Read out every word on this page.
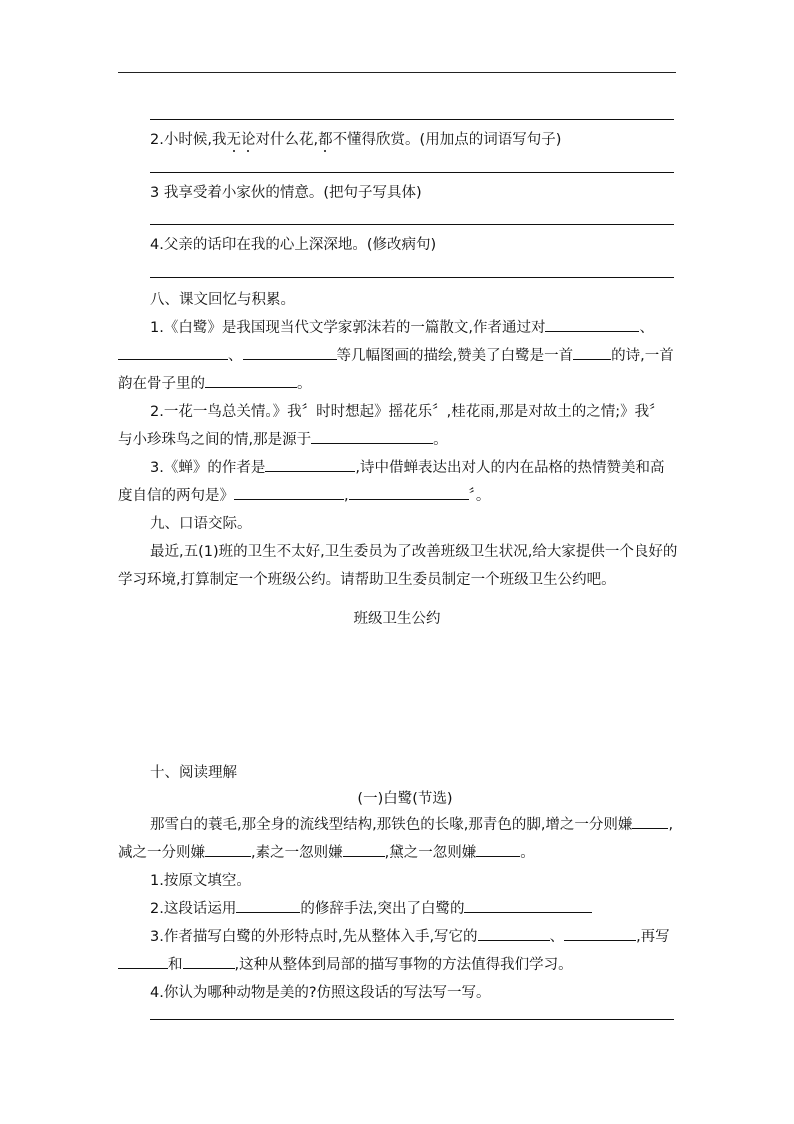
2.小时候,我无论对什么花,都不懂得欣赏。(用加点的词语写句子)
3 我享受着小家伙的情意。(把句子写具体)
4.父亲的话印在我的心上深深地。(修改病句)
八、课文回忆与积累。
1.《白鹭》是我国现当代文学家郭沫若的一篇散文,作者通过对	、、	等几幅图画的描绘,赞美了白鹭是一首	的诗,一首韵在骨子里的	。
2.一花一鸟总关情。》我〞时时想起》摇花乐〞,桂花雨,那是对故土的之情;》我〞与小珍珠鸟之间的情,那是源于	。
3.《蝉》的作者是	,诗中借蝉表达出对人的内在品格的热情赞美和高度自信的两句是》	,	〞。
九、口语交际。
最近,五(1)班的卫生不太好,卫生委员为了改善班级卫生状况,给大家提供一个良好的学习环境,打算制定一个班级公约。请帮助卫生委员制定一个班级卫生公约吧。
班级卫生公约
十、阅读理解
(一)白鹭(节选)
那雪白的蓑毛,那全身的流线型结构,那铁色的长喙,那青色的脚,增之一分则嫌 ,减之一分则嫌	,素之一忽则嫌	,黛之一忽则嫌	。
1.按原文填空。
2.这段话运用	的修辞手法,突出了白鹭的
3.作者描写白鹭的外形特点时,先从整体入手,写它的	、	,再写和	,这种从整体到局部的描写事物的方法值得我们学习。
4.你认为哪种动物是美的?仿照这段话的写法写一写。
